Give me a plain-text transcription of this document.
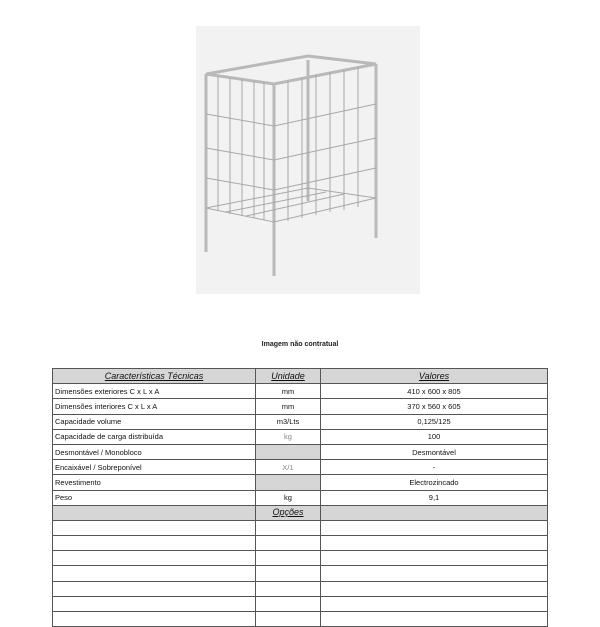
Imagem não contratual
Características Técnicas	Unidade	Valores
Dimensões exteriores C x L x A	mm	410 x 600 x 805
Dimensões interiores C x L x A	mm	370 x 560 x 605
Capacidade volume	m3/Lts	0,125/125
Capacidade de carga distribuída	kg	100
Desmontável / Monobloco		Desmontável
Encaixável / Sobreponível	X/1	-
Revestimento		Electrozincado
Peso	kg	9,1
	Opções	
